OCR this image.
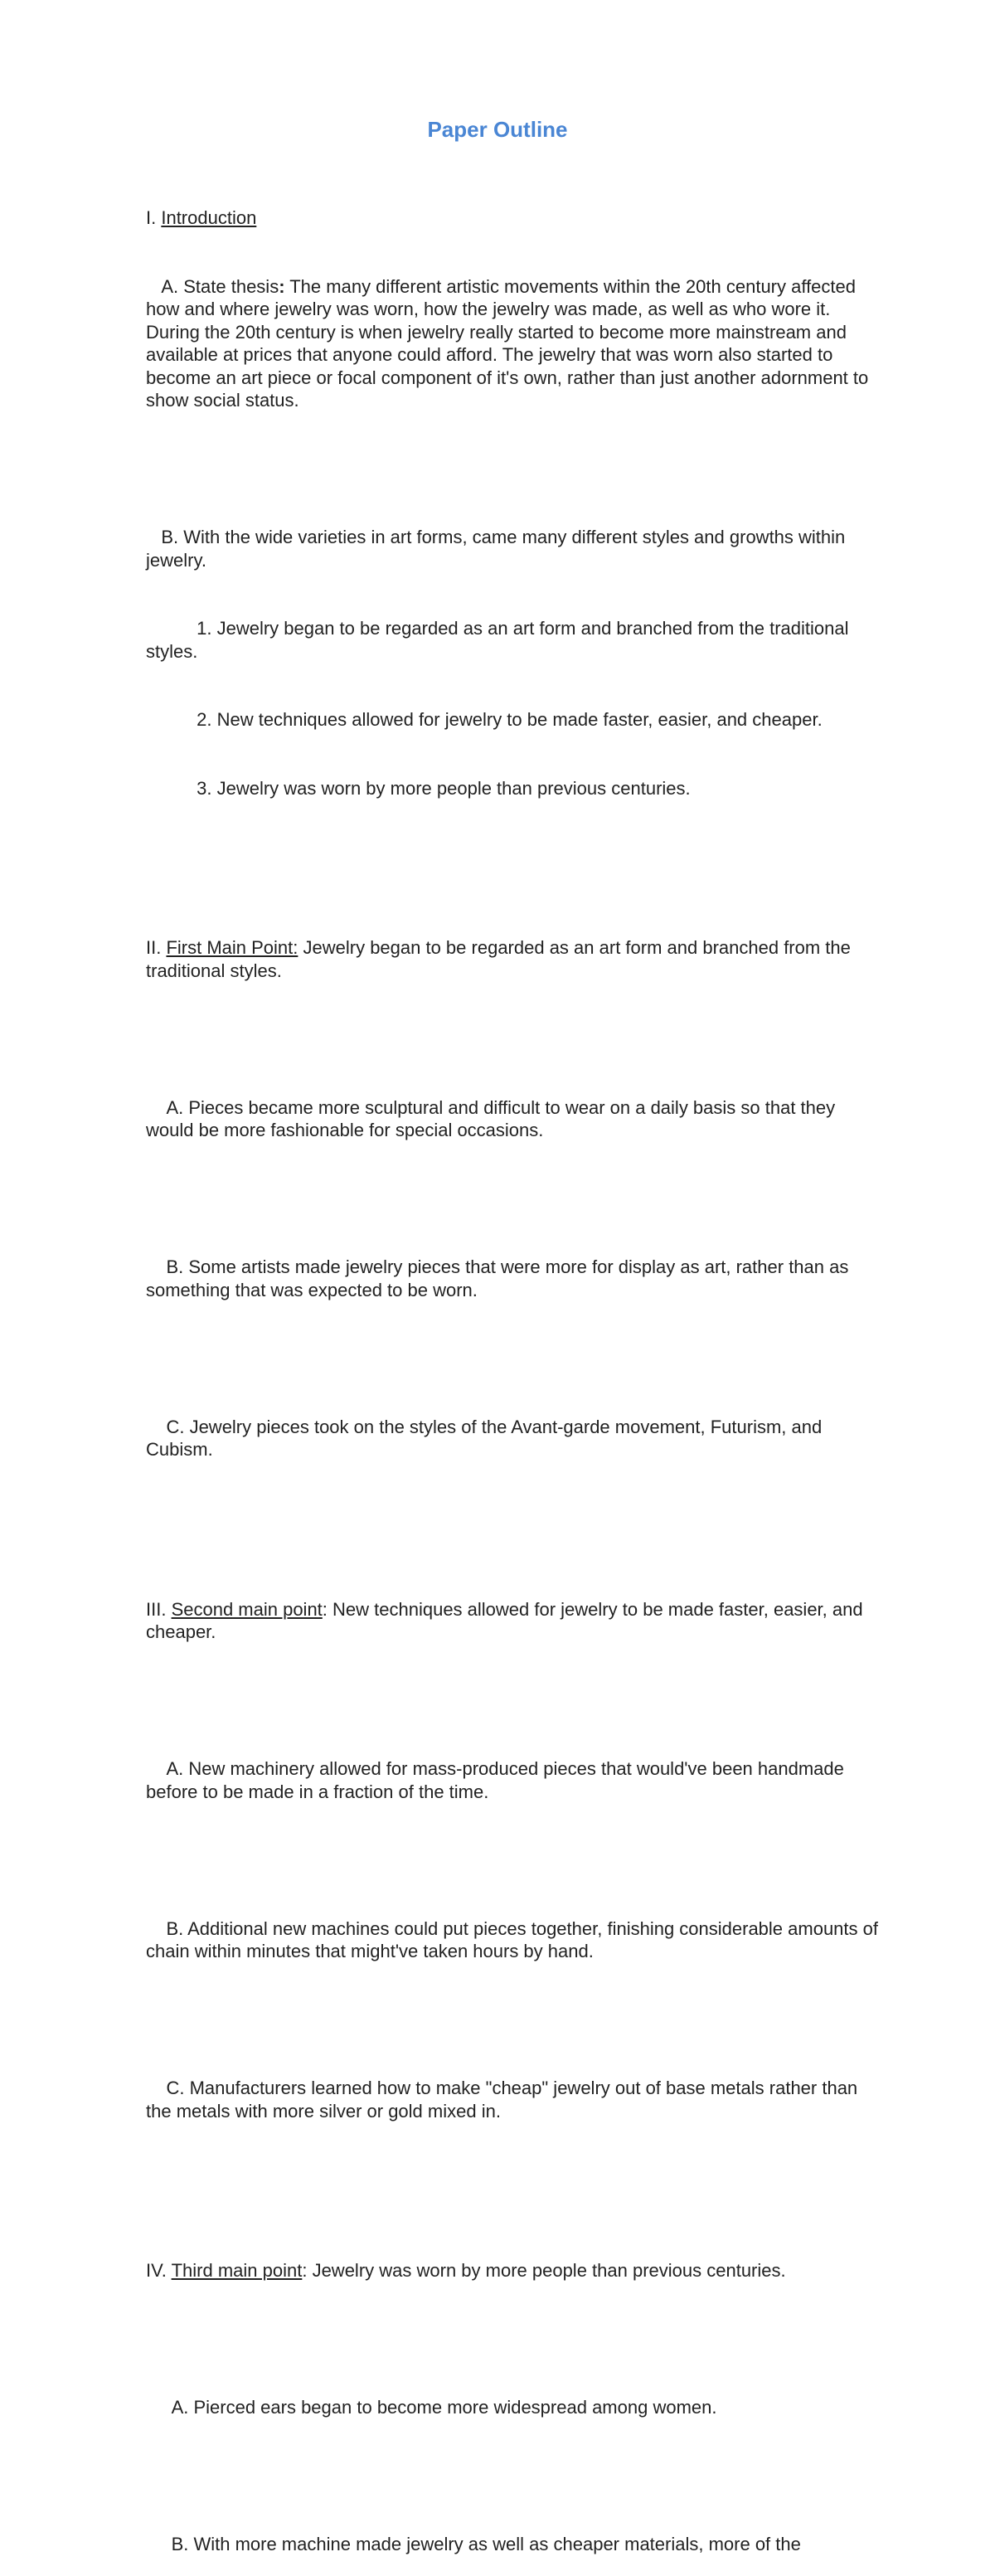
Paper Outline

I. Introduction

A. State thesis: The many different artistic movements within the 20th century affected how and where jewelry was worn, how the jewelry was made, as well as who wore it. During the 20th century is when jewelry really started to become more mainstream and available at prices that anyone could afford. The jewelry that was worn also started to become an art piece or focal component of it's own, rather than just another adornment to show social status.

B. With the wide varieties in art forms, came many different styles and growths within jewelry.

1. Jewelry began to be regarded as an art form and branched from the traditional styles.

2. New techniques allowed for jewelry to be made faster, easier, and cheaper.

3. Jewelry was worn by more people than previous centuries.

II. First Main Point: Jewelry began to be regarded as an art form and branched from the traditional styles.

A. Pieces became more sculptural and difficult to wear on a daily basis so that they would be more fashionable for special occasions.

B. Some artists made jewelry pieces that were more for display as art, rather than as something that was expected to be worn.

C. Jewelry pieces took on the styles of the Avant-garde movement, Futurism, and Cubism.

III. Second main point: New techniques allowed for jewelry to be made faster, easier, and cheaper.

A. New machinery allowed for mass-produced pieces that would've been handmade before to be made in a fraction of the time.

B. Additional new machines could put pieces together, finishing considerable amounts of chain within minutes that might've taken hours by hand.

C. Manufacturers learned how to make "cheap" jewelry out of base metals rather than the metals with more silver or gold mixed in.

IV. Third main point: Jewelry was worn by more people than previous centuries.

A. Pierced ears began to become more widespread among women.

B. With more machine made jewelry as well as cheaper materials, more of the
